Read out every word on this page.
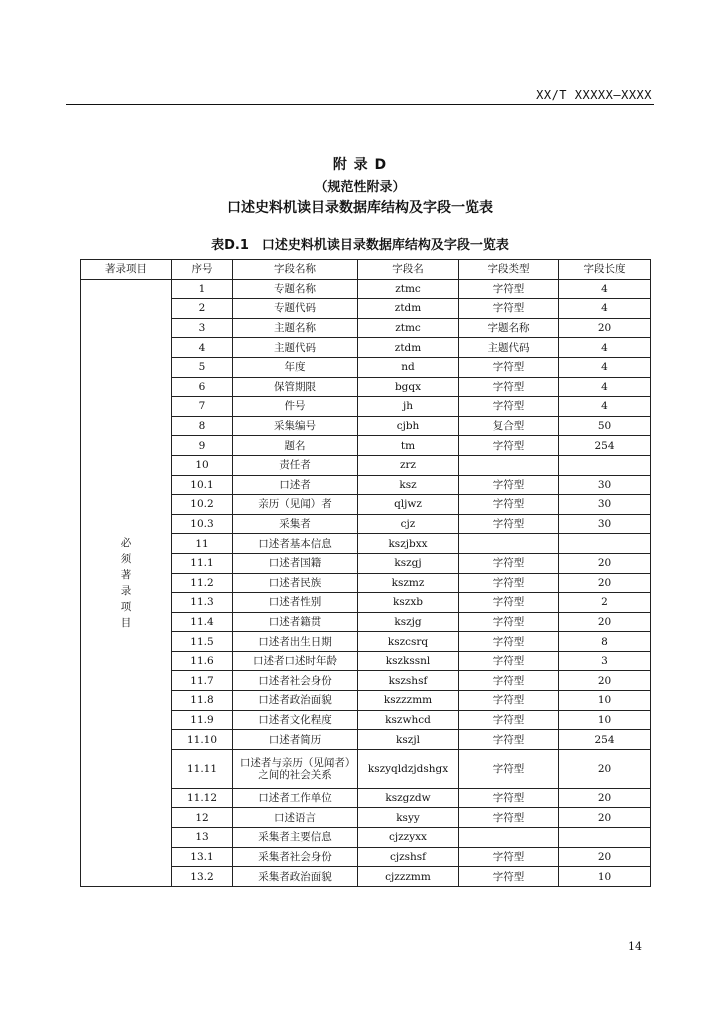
XX/T XXXXX—XXXX
附 录 D
（规范性附录）
口述史料机读目录数据库结构及字段一览表
表D.1　口述史料机读目录数据库结构及字段一览表
著录项目	序号	字段名称	字段名	字段类型	字段长度

必须著录项目	1	专题名称	ztmc	字符型	4
	2	专题代码	ztdm	字符型	4
	3	主题名称	ztmc	字题名称	20
	4	主题代码	ztdm	主题代码	4
	5	年度	nd	字符型	4
	6	保管期限	bgqx	字符型	4
	7	件号	jh	字符型	4
	8	采集编号	cjbh	复合型	50
	9	题名	tm	字符型	254
	10	责任者	zrz		
	10.1	口述者	ksz	字符型	30
	10.2	亲历（见闻）者	qljwz	字符型	30
	10.3	采集者	cjz	字符型	30
	11	口述者基本信息	kszjbxx		
	11.1	口述者国籍	kszgj	字符型	20
	11.2	口述者民族	kszmz	字符型	20
	11.3	口述者性别	kszxb	字符型	2
	11.4	口述者籍贯	kszjg	字符型	20
	11.5	口述者出生日期	kszcsrq	字符型	8
	11.6	口述者口述时年龄	kszkssnl	字符型	3
	11.7	口述者社会身份	kszshsf	字符型	20
	11.8	口述者政治面貌	kszzzmm	字符型	10
	11.9	口述者文化程度	kszwhcd	字符型	10
	11.10	口述者简历	kszjl	字符型	254
	11.11	口述者与亲历（见闻者）之间的社会关系	kszyqldzjdshgx	字符型	20
	11.12	口述者工作单位	kszgzdw	字符型	20
	12	口述语言	ksyy	字符型	20
	13	采集者主要信息	cjzzyxx		
	13.1	采集者社会身份	cjzshsf	字符型	20
	13.2	采集者政治面貌	cjzzzmm	字符型	10
14
